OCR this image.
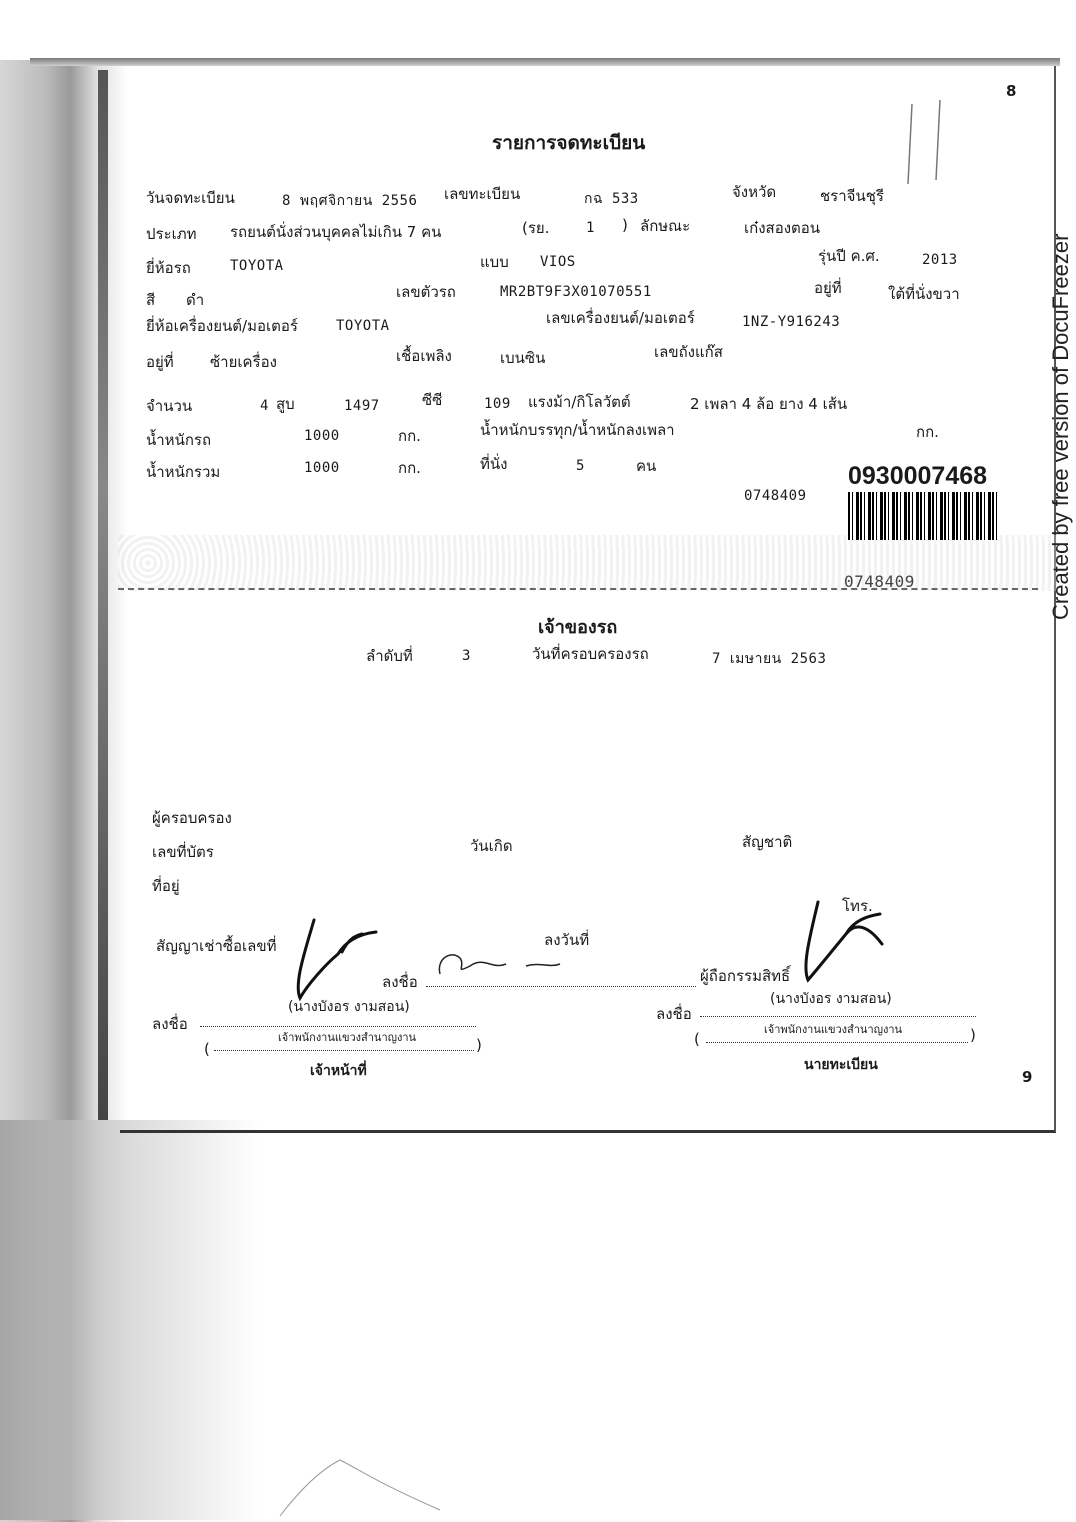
8
9
Created by free version of DocuFreezer
รายการจดทะเบียน
วันจดทะเบียน	8 พฤศจิกายน 2556 เลขทะเบียน	กฉ 533	จังหวัด	ชราจีนชุรี
ประเภท รถยนต์นั่งส่วนบุคคลไม่เกิน 7 คน	(รย.	1 ) ลักษณะ	เก๋งสองตอน
ยี่ห้อรถ	TOYOTA	แบบ VIOS	รุ่นปี ค.ศ.	2013
สี ดำ	เลขตัวรถ	MR2BT9F3X01070551	อยู่ที่	ใต้ที่นั่งขวา
ยี่ห้อเครื่องยนต์/มอเตอร์	TOYOTA	เลขเครื่องยนต์/มอเตอร์	1NZ-Y916243
อยู่ที่ ซ้ายเครื่อง	เชื้อเพลิง	เบนซิน	เลขถังแก๊ส
จำนวน	4 สูบ	1497	ซีซี	109 แรงม้า/กิโลวัตต์	2 เพลา 4 ล้อ ยาง 4 เส้น
น้ำหนักรถ	1000	กก.	น้ำหนักบรรทุก/น้ำหนักลงเพลา	กก.
น้ำหนักรวม	1000	กก.	ที่นั่ง	5	คน
0748409
0930007468
0748409
เจ้าของรถ
ลำดับที่	3	วันที่ครอบครองรถ	7 เมษายน 2563
ผู้ครอบครอง
เลขที่บัตร	วันเกิด	สัญชาติ
ที่อยู่
โทร.
สัญญาเช่าซื้อเลขที่	ลงวันที่
ลงชื่อ	ผู้ถือกรรมสิทธิ์
ลงชื่อ
(นางบังอร งามสอน)
เจ้าพนักงานแขวงสำนาญงาน
(	)
เจ้าหน้าที่
ลงชื่อ
(นางบังอร งามสอน)
เจ้าพนักงานแขวงสำนาญงาน
(	)
นายทะเบียน
